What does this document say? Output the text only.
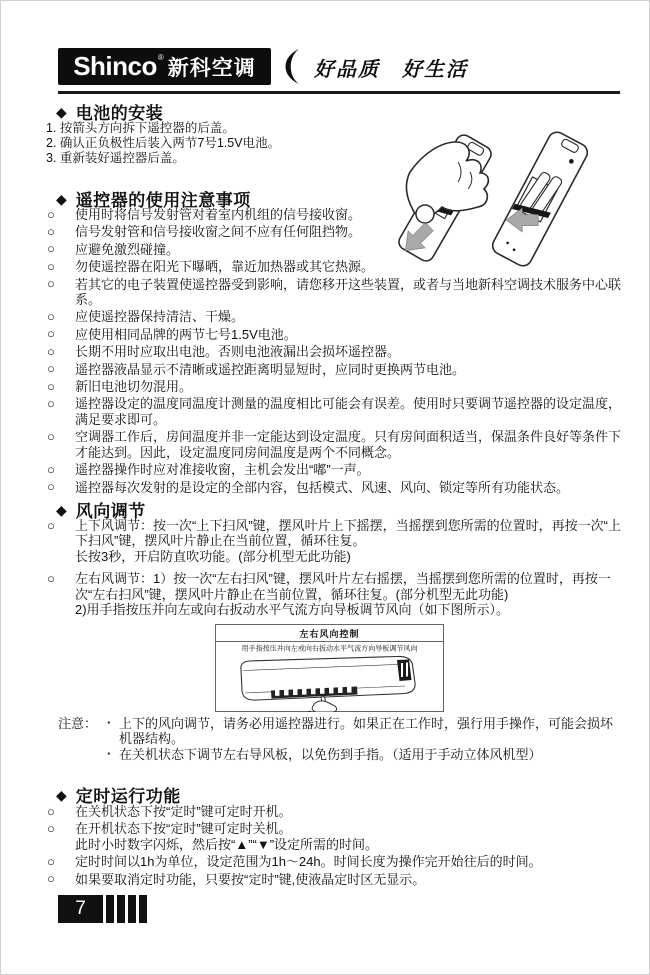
Shinco ® 新科空调	好品质　好生活
◆ 电池的安装
1. 按箭头方向拆下遥控器的后盖。
2. 确认正负极性后装入两节7号1.5V电池。
3. 重新装好遥控器后盖。
◆ 遥控器的使用注意事项
○ 使用时将信号发射管对着室内机组的信号接收窗。
○ 信号发射管和信号接收窗之间不应有任何阻挡物。
○ 应避免激烈碰撞。
○ 勿使遥控器在阳光下曝晒，靠近加热器或其它热源。
○ 若其它的电子装置使遥控器受到影响，请您移开这些装置，或者与当地新科空调技术服务中心联系。
○ 应使遥控器保持清洁、干燥。
○ 应使用相同品牌的两节七号1.5V电池。
○ 长期不用时应取出电池。否则电池液漏出会损坏遥控器。
○ 遥控器液晶显示不清晰或遥控距离明显短时，应同时更换两节电池。
○ 新旧电池切勿混用。
○ 遥控器设定的温度同温度计测量的温度相比可能会有误差。使用时只要调节遥控器的设定温度，满足要求即可。
○ 空调器工作后，房间温度并非一定能达到设定温度。只有房间面积适当，保温条件良好等条件下才能达到。因此，设定温度同房间温度是两个不同概念。
○ 遥控器操作时应对准接收窗，主机会发出“嘟”一声。
○ 遥控器每次发射的是设定的全部内容，包括模式、风速、风向、锁定等所有功能状态。
◆ 风向调节
○ 上下风调节：按一次“上下扫风”键，摆风叶片上下摇摆，当摇摆到您所需的位置时，再按一次“上下扫风”键，摆风叶片静止在当前位置，循环往复。
长按3秒，开启防直吹功能。(部分机型无此功能)
○ 左右风调节：1）按一次“左右扫风”键，摆风叶片左右摇摆，当摇摆到您所需的位置时，再按一次“左右扫风”键，摆风叶片静止在当前位置，循环往复。(部分机型无此功能)
2)用手指按压并向左或向右扳动水平气流方向导板调节风向（如下图所示）。
左右风向控制
用手指按压并向左或向右扳动水平气流方向导板调节风向
注意： · 上下的风向调节，请务必用遥控器进行。如果正在工作时，强行用手操作，可能会损坏机器结构。
· 在关机状态下调节左右导风板，以免伤到手指。（适用于手动立体风机型）
◆ 定时运行功能
○ 在关机状态下按“定时”键可定时开机。
○ 在开机状态下按“定时”键可定时关机。
此时小时数字闪烁，然后按“▲”“▼”设定所需的时间。
○ 定时时间以1h为单位，设定范围为1h～24h。时间长度为操作完开始往后的时间。
○ 如果要取消定时功能，只要按“定时”键,使液晶定时区无显示。
7
